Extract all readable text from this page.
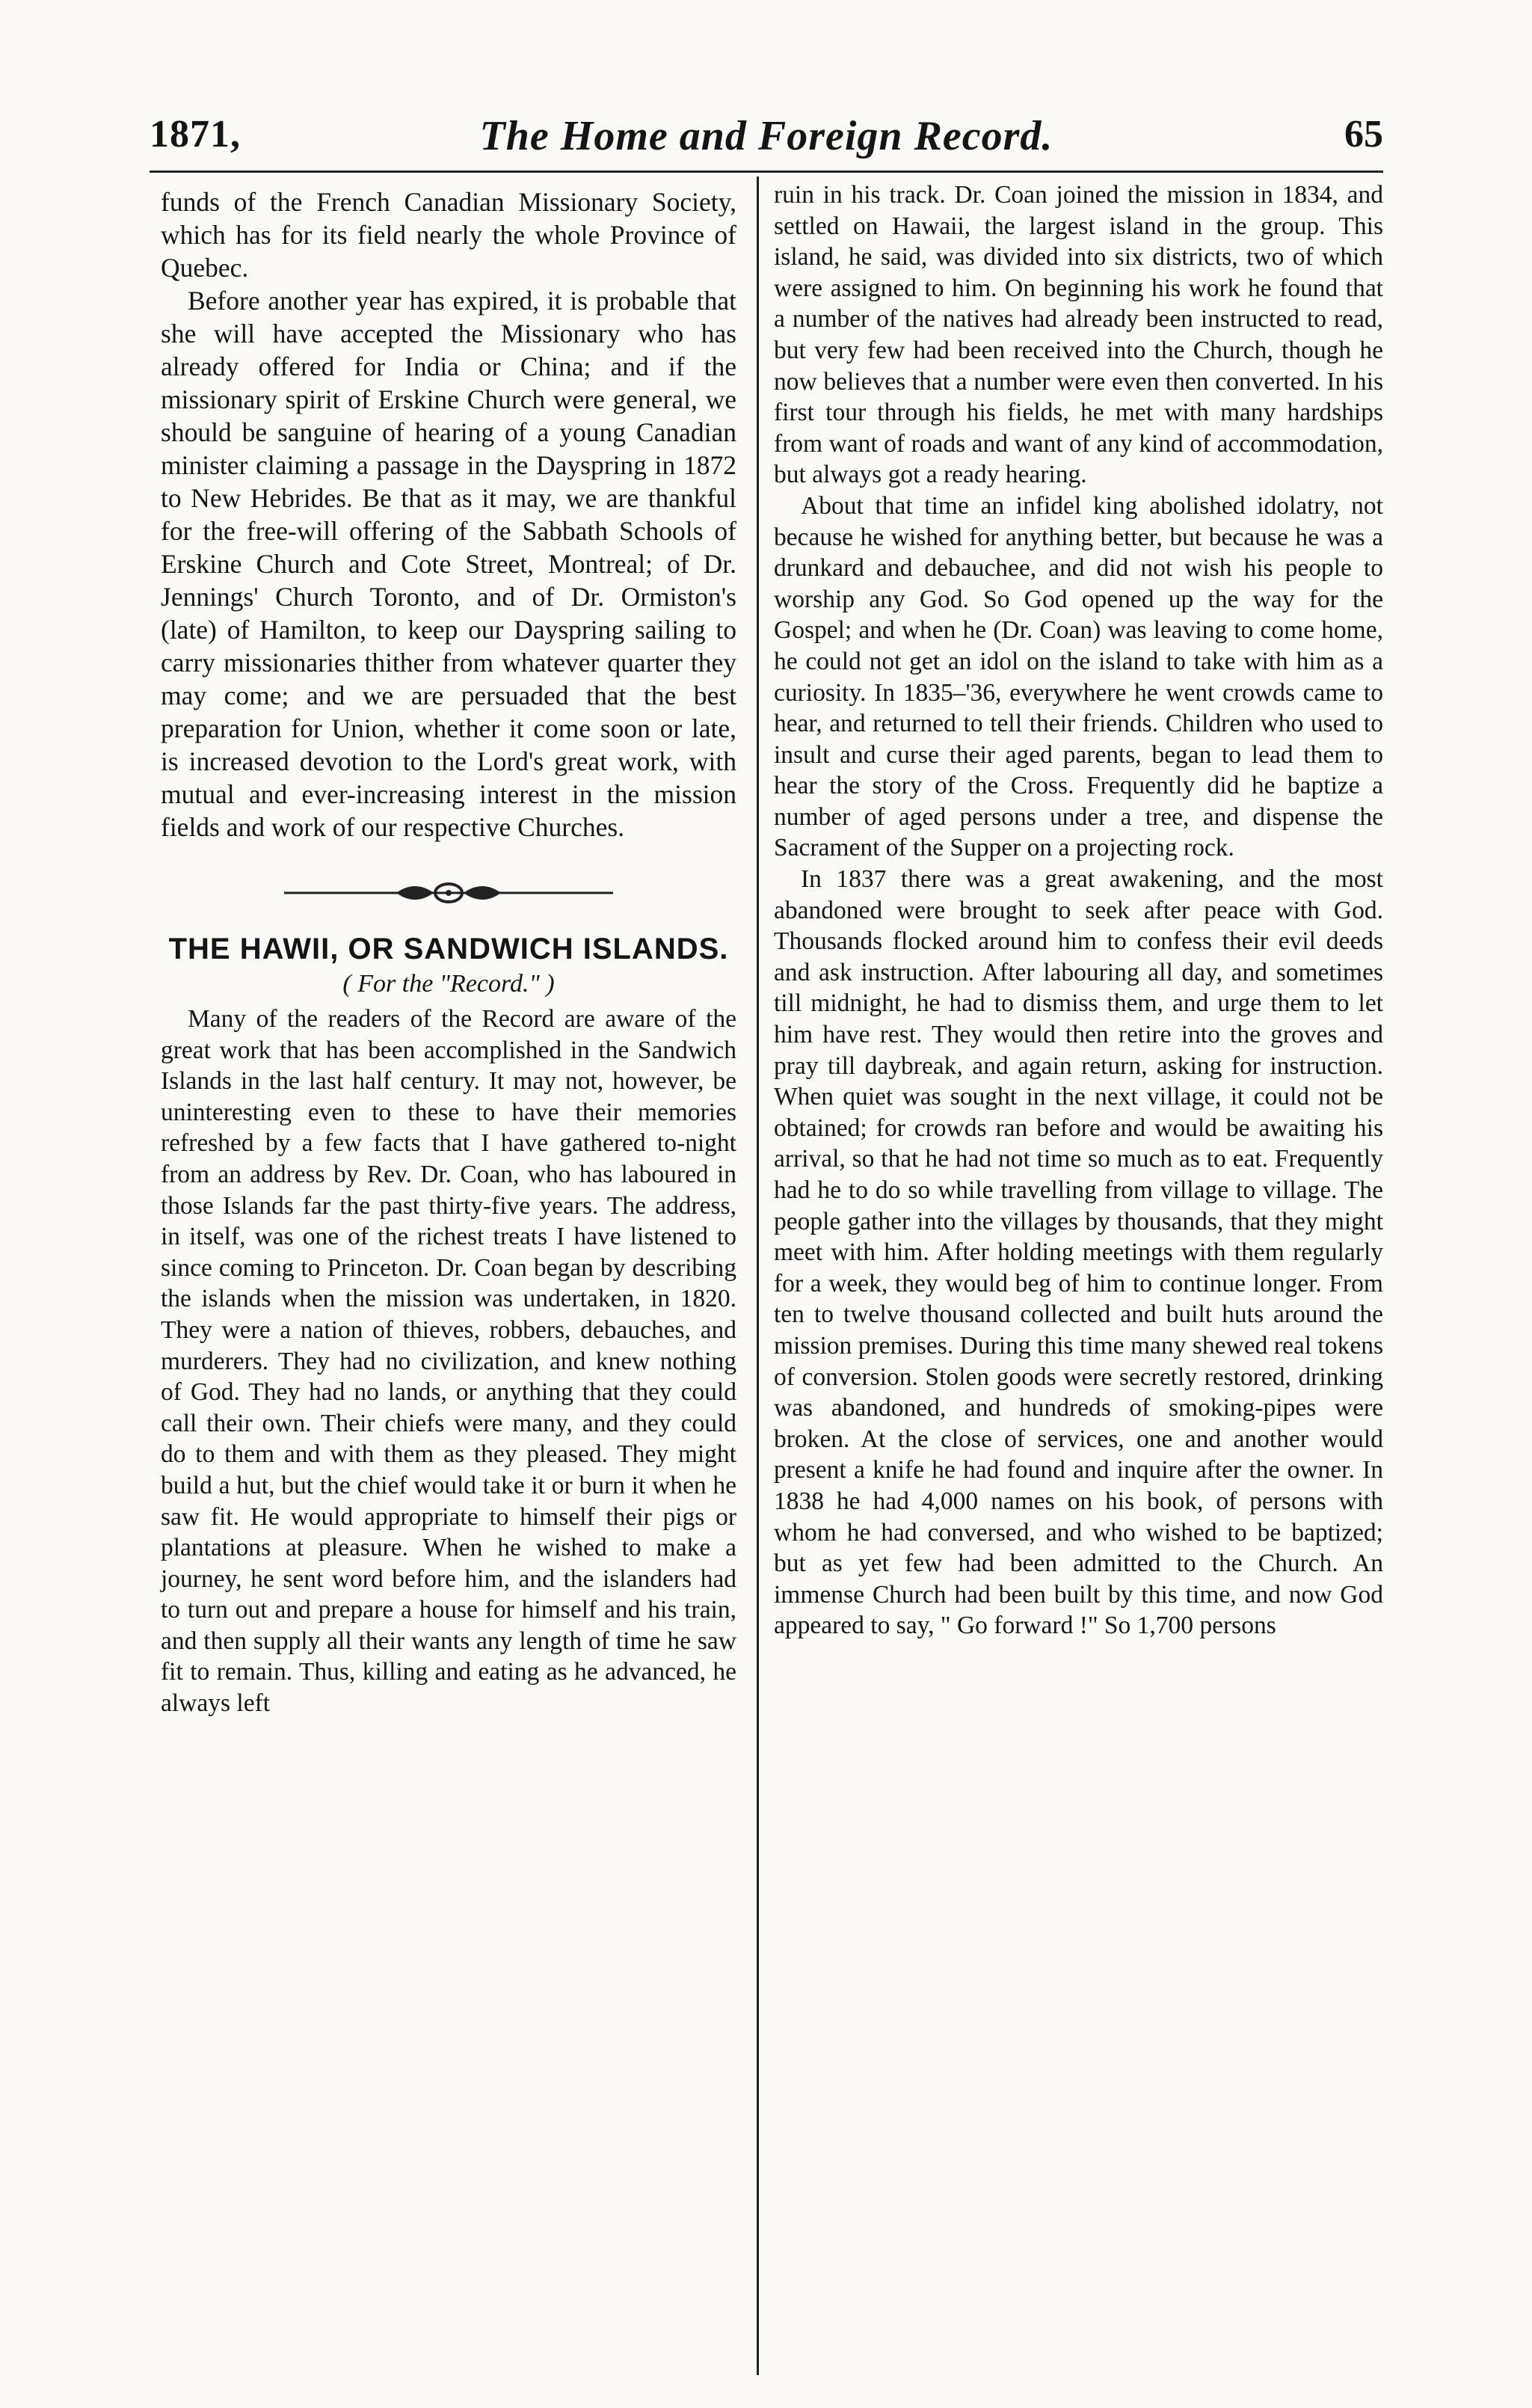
1871,	The Home and Foreign Record.	65

funds of the French Canadian Missionary Society, which has for its field nearly the whole Province of Quebec.

Before another year has expired, it is probable that she will have accepted the Missionary who has already offered for India or China; and if the missionary spirit of Erskine Church were general, we should be sanguine of hearing of a young Canadian minister claiming a passage in the Dayspring in 1872 to New Hebrides. Be that as it may, we are thankful for the free-will offering of the Sabbath Schools of Erskine Church and Cote Street, Montreal; of Dr. Jennings' Church Toronto, and of Dr. Ormiston's (late) of Hamilton, to keep our Dayspring sailing to carry missionaries thither from whatever quarter they may come; and we are persuaded that the best preparation for Union, whether it come soon or late, is increased devotion to the Lord's great work, with mutual and ever-increasing interest in the mission fields and work of our respective Churches.

THE HAWII, OR SANDWICH ISLANDS.
( For the "Record." )

Many of the readers of the Record are aware of the great work that has been accomplished in the Sandwich Islands in the last half century. It may not, however, be uninteresting even to these to have their memories refreshed by a few facts that I have gathered to-night from an address by Rev. Dr. Coan, who has laboured in those Islands far the past thirty-five years. The address, in itself, was one of the richest treats I have listened to since coming to Princeton. Dr. Coan began by describing the islands when the mission was undertaken, in 1820. They were a nation of thieves, robbers, debauches, and murderers. They had no civilization, and knew nothing of God. They had no lands, or anything that they could call their own. Their chiefs were many, and they could do to them and with them as they pleased. They might build a hut, but the chief would take it or burn it when he saw fit. He would appropriate to himself their pigs or plantations at pleasure. When he wished to make a journey, he sent word before him, and the islanders had to turn out and prepare a house for himself and his train, and then supply all their wants any length of time he saw fit to remain. Thus, killing and eating as he advanced, he always left

ruin in his track. Dr. Coan joined the mission in 1834, and settled on Hawaii, the largest island in the group. This island, he said, was divided into six districts, two of which were assigned to him. On beginning his work he found that a number of the natives had already been instructed to read, but very few had been received into the Church, though he now believes that a number were even then converted. In his first tour through his fields, he met with many hardships from want of roads and want of any kind of accommodation, but always got a ready hearing.

About that time an infidel king abolished idolatry, not because he wished for anything better, but because he was a drunkard and debauchee, and did not wish his people to worship any God. So God opened up the way for the Gospel; and when he (Dr. Coan) was leaving to come home, he could not get an idol on the island to take with him as a curiosity. In 1835–'36, everywhere he went crowds came to hear, and returned to tell their friends. Children who used to insult and curse their aged parents, began to lead them to hear the story of the Cross. Frequently did he baptize a number of aged persons under a tree, and dispense the Sacrament of the Supper on a projecting rock.

In 1837 there was a great awakening, and the most abandoned were brought to seek after peace with God. Thousands flocked around him to confess their evil deeds and ask instruction. After labouring all day, and sometimes till midnight, he had to dismiss them, and urge them to let him have rest. They would then retire into the groves and pray till daybreak, and again return, asking for instruction. When quiet was sought in the next village, it could not be obtained; for crowds ran before and would be awaiting his arrival, so that he had not time so much as to eat. Frequently had he to do so while travelling from village to village. The people gather into the villages by thousands, that they might meet with him. After holding meetings with them regularly for a week, they would beg of him to continue longer. From ten to twelve thousand collected and built huts around the mission premises. During this time many shewed real tokens of conversion. Stolen goods were secretly restored, drinking was abandoned, and hundreds of smoking-pipes were broken. At the close of services, one and another would present a knife he had found and inquire after the owner. In 1838 he had 4,000 names on his book, of persons with whom he had conversed, and who wished to be baptized; but as yet few had been admitted to the Church. An immense Church had been built by this time, and now God appeared to say, " Go forward !" So 1,700 persons
